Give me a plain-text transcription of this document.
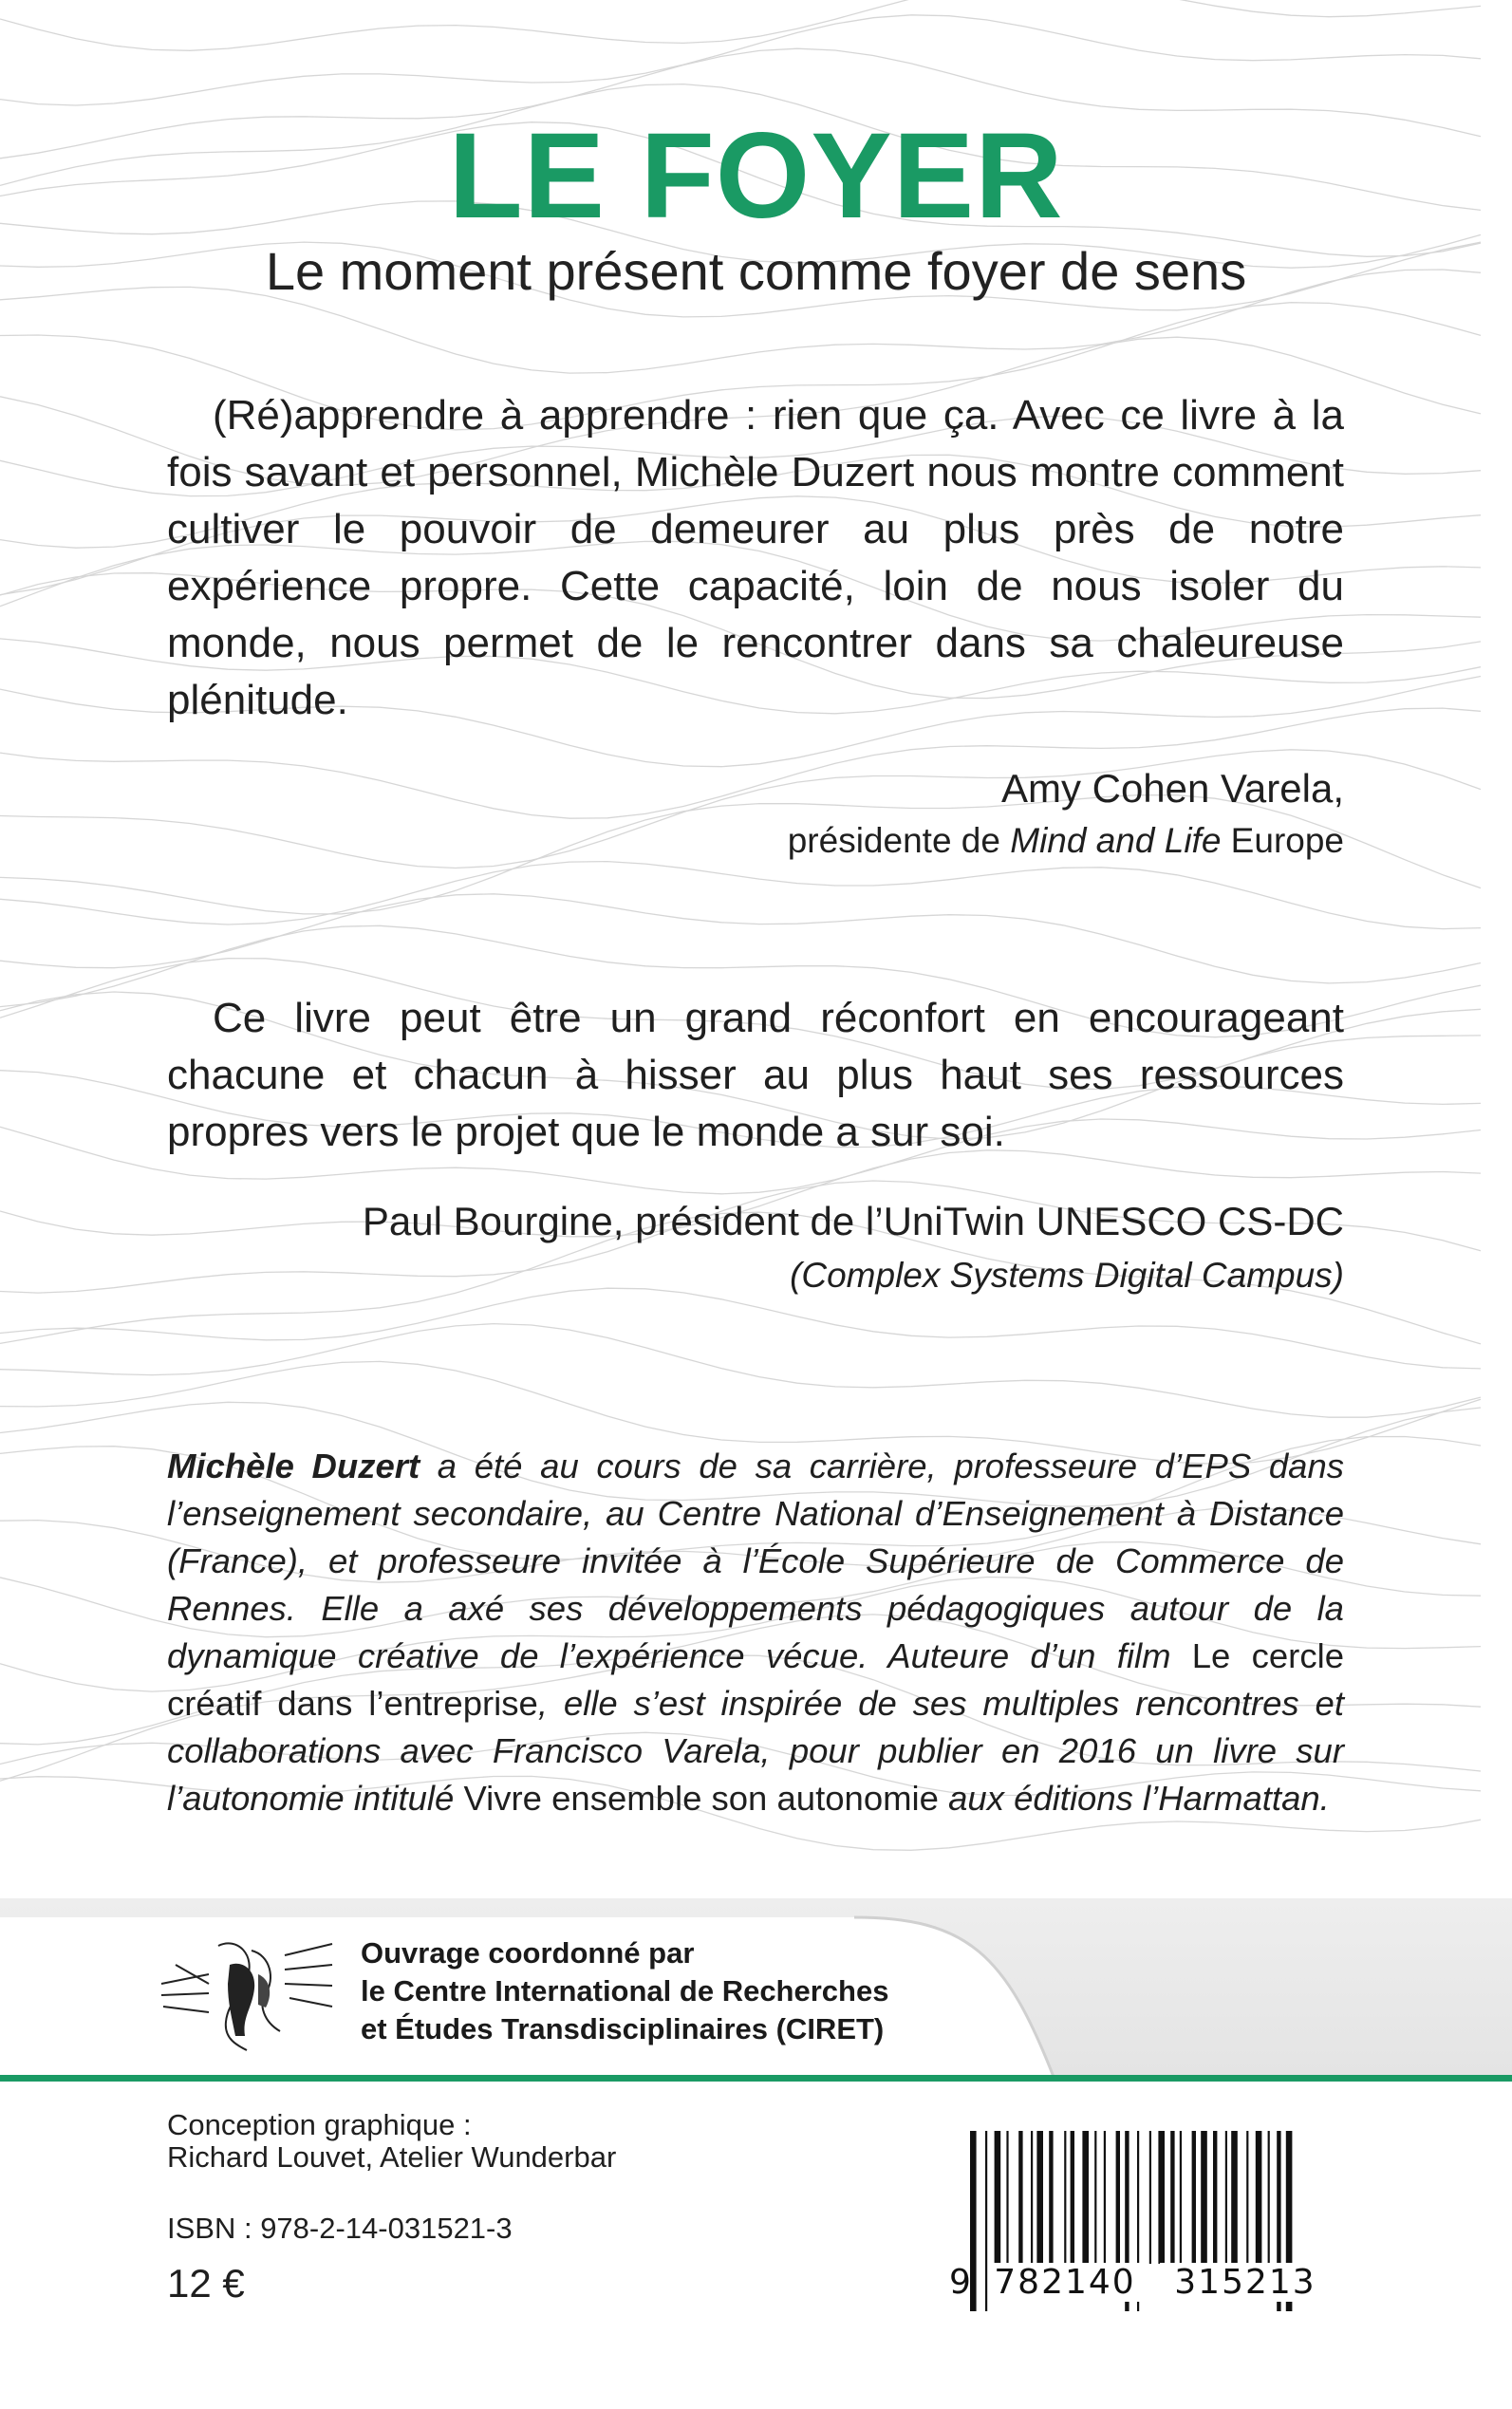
LE FOYER
Le moment présent comme foyer de sens
(Ré)apprendre à apprendre : rien que ça. Avec ce livre à la fois savant et personnel, Michèle Duzert nous montre comment cultiver le pouvoir de demeurer au plus près de notre expérience propre. Cette capacité, loin de nous isoler du monde, nous permet de le rencontrer dans sa chaleureuse plénitude.
Amy Cohen Varela,
présidente de Mind and Life Europe
Ce livre peut être un grand réconfort en encourageant chacune et chacun à hisser au plus haut ses ressources propres vers le projet que le monde a sur soi.
Paul Bourgine, président de l’UniTwin UNESCO CS-DC
(Complex Systems Digital Campus)
Michèle Duzert a été au cours de sa carrière, professeure d’EPS dans l’enseignement secondaire, au Centre National d’Enseignement à Distance (France), et professeure invitée à l’École Supérieure de Commerce de Rennes. Elle a axé ses développements pédagogiques autour de la dynamique créative de l’expérience vécue. Auteure d’un film Le cercle créatif dans l’entreprise, elle s’est inspirée de ses multiples rencontres et collaborations avec Francisco Varela, pour publier en 2016 un livre sur l’autonomie intitulé Vivre ensemble son autonomie aux éditions l’Harmattan.
Ouvrage coordonné par
le Centre International de Recherches
et Études Transdisciplinaires (CIRET)
Conception graphique :
Richard Louvet, Atelier Wunderbar
ISBN : 978-2-14-031521-3
12 €	9 782140	315213
